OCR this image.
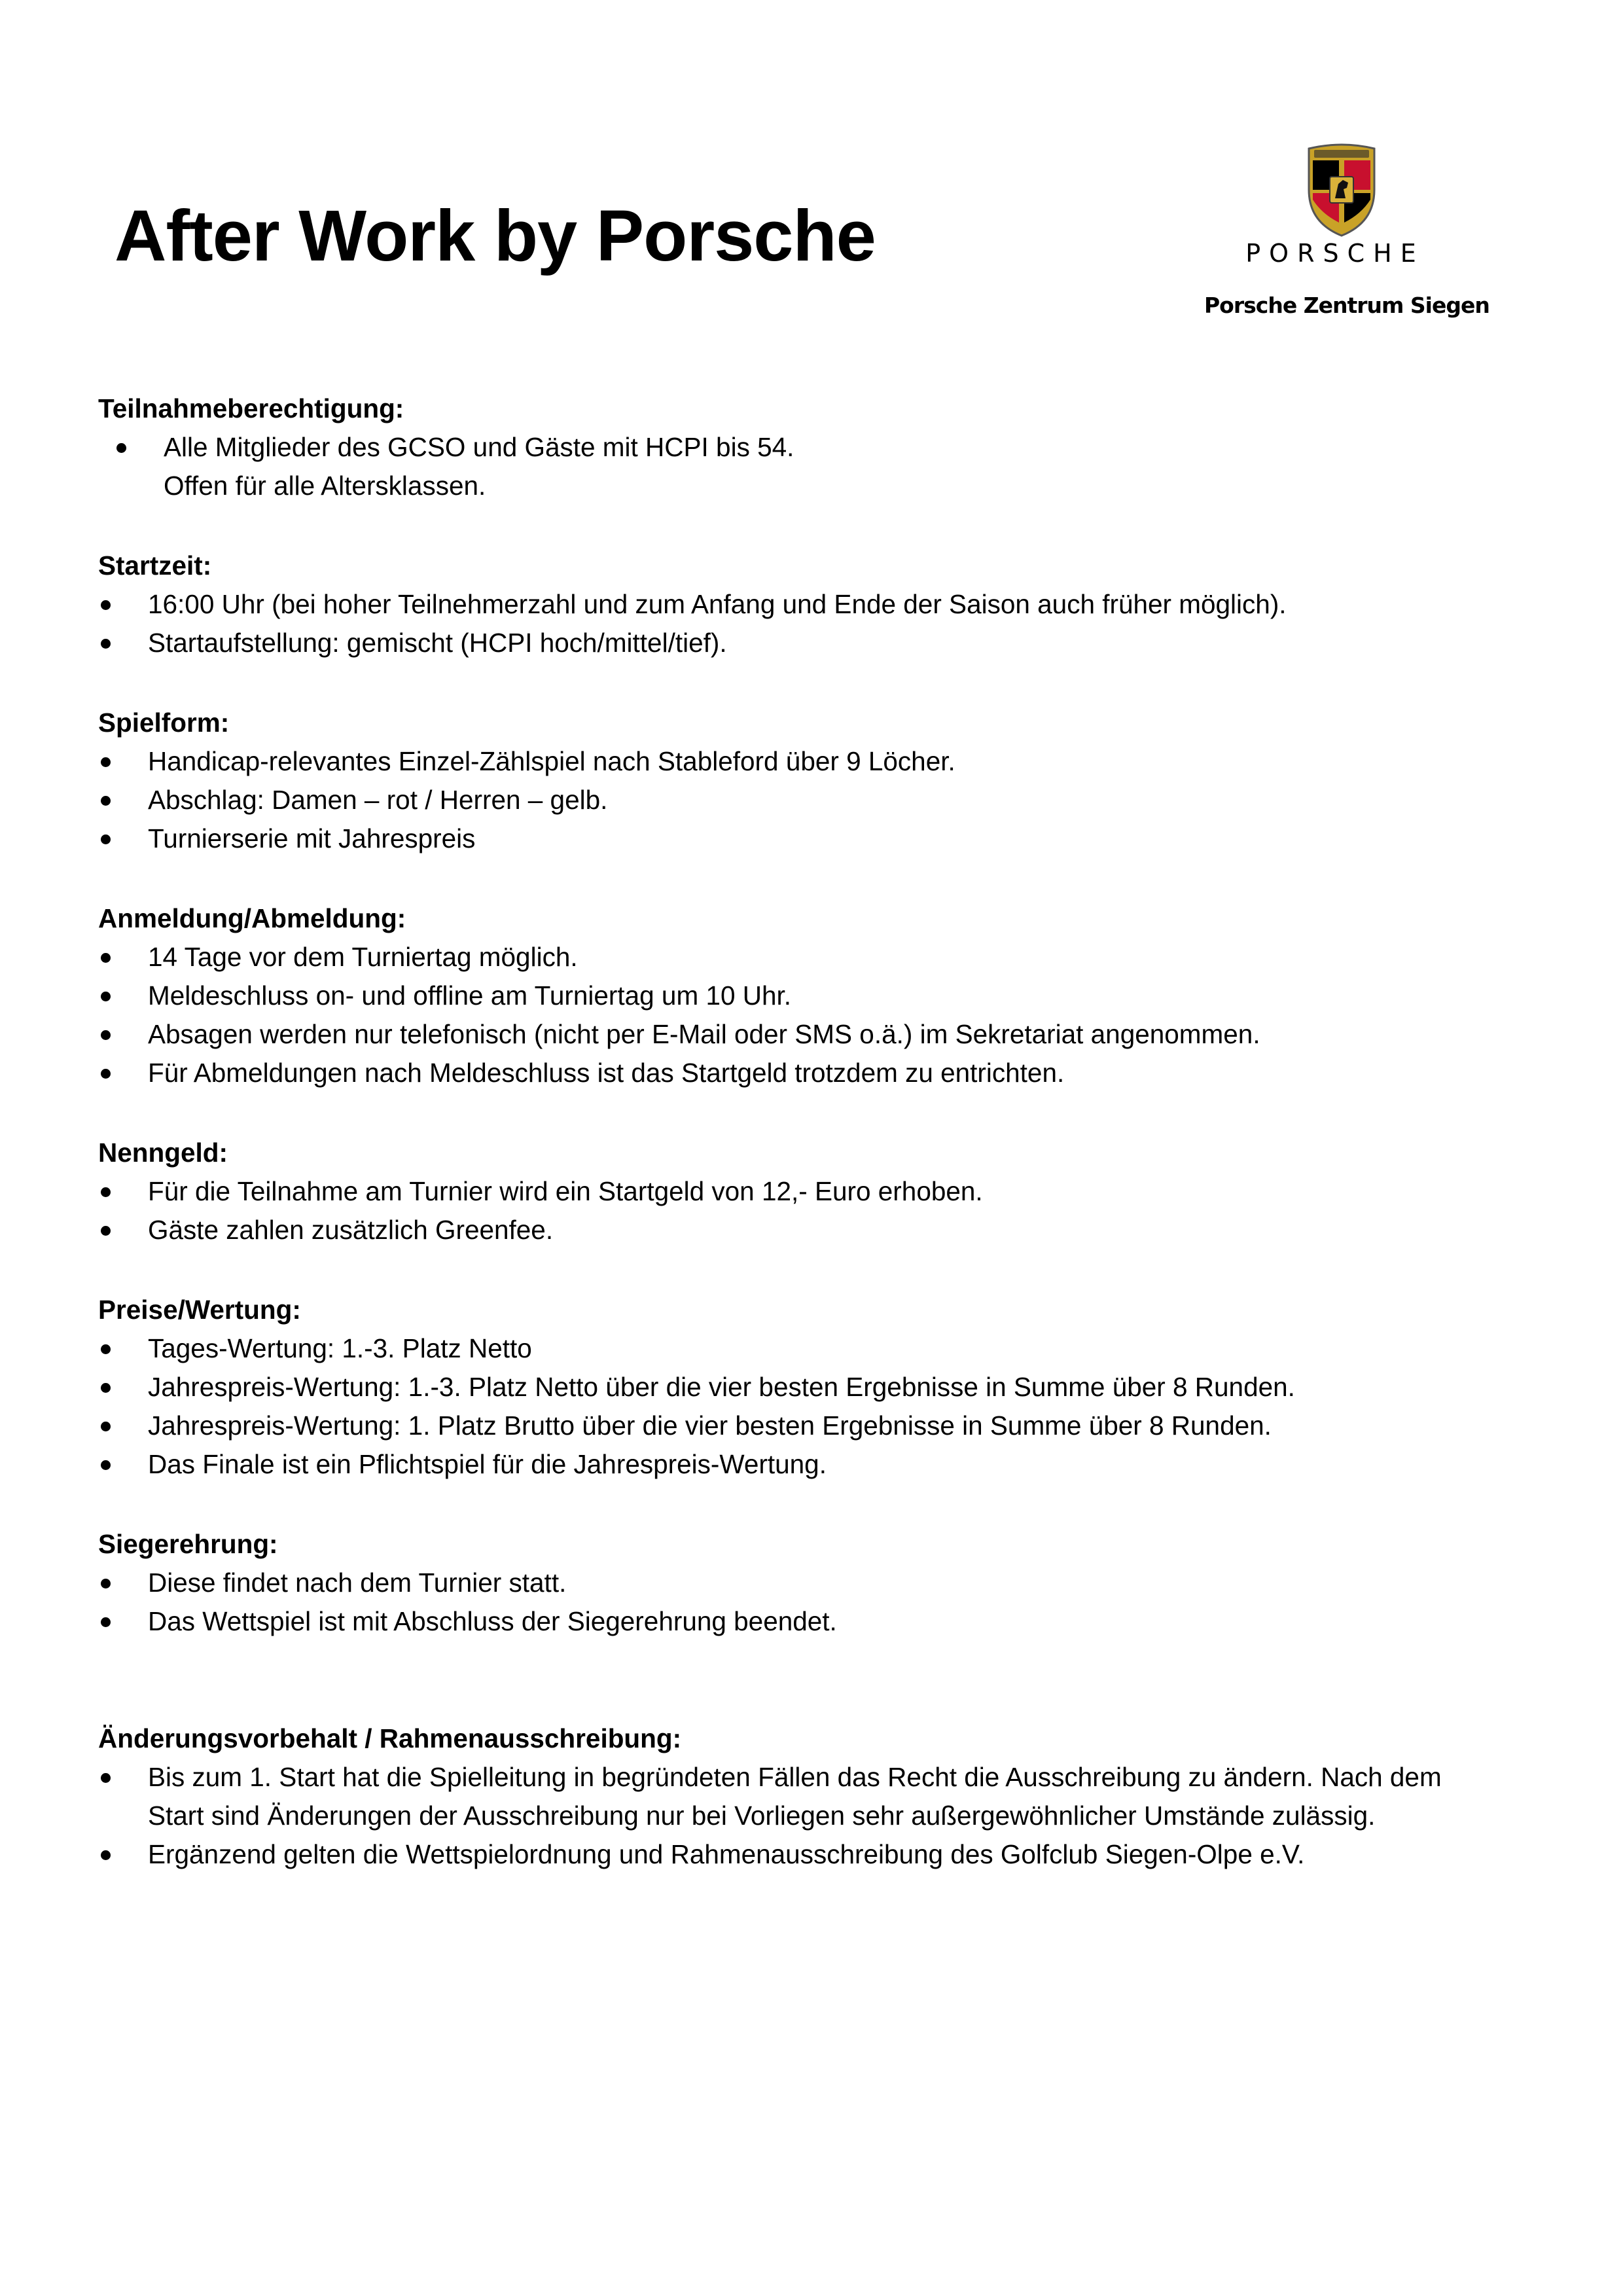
After Work by Porsche	PORSCHE
Porsche Zentrum Siegen

Teilnahmeberechtigung:

Alle Mitglieder des GCSO und Gäste mit HCPI bis 54.
Offen für alle Altersklassen.

Startzeit:

16:00 Uhr (bei hoher Teilnehmerzahl und zum Anfang und Ende der Saison auch früher möglich).
Startaufstellung: gemischt (HCPI hoch/mittel/tief).

Spielform:

Handicap-relevantes Einzel-Zählspiel nach Stableford über 9 Löcher.
Abschlag: Damen – rot / Herren – gelb.
Turnierserie mit Jahrespreis

Anmeldung/Abmeldung:

14 Tage vor dem Turniertag möglich.
Meldeschluss on- und offline am Turniertag um 10 Uhr.
Absagen werden nur telefonisch (nicht per E-Mail oder SMS o.ä.) im Sekretariat angenommen.
Für Abmeldungen nach Meldeschluss ist das Startgeld trotzdem zu entrichten.

Nenngeld:

Für die Teilnahme am Turnier wird ein Startgeld von 12,- Euro erhoben.
Gäste zahlen zusätzlich Greenfee.

Preise/Wertung:

Tages-Wertung: 1.-3. Platz Netto
Jahrespreis-Wertung: 1.-3. Platz Netto über die vier besten Ergebnisse in Summe über 8 Runden.
Jahrespreis-Wertung: 1. Platz Brutto über die vier besten Ergebnisse in Summe über 8 Runden.
Das Finale ist ein Pflichtspiel für die Jahrespreis-Wertung.

Siegerehrung:

Diese findet nach dem Turnier statt.
Das Wettspiel ist mit Abschluss der Siegerehrung beendet.

Änderungsvorbehalt / Rahmenausschreibung:

Bis zum 1. Start hat die Spielleitung in begründeten Fällen das Recht die Ausschreibung zu ändern. Nach dem
Start sind Änderungen der Ausschreibung nur bei Vorliegen sehr außergewöhnlicher Umstände zulässig.
Ergänzend gelten die Wettspielordnung und Rahmenausschreibung des Golfclub Siegen-Olpe e.V.
